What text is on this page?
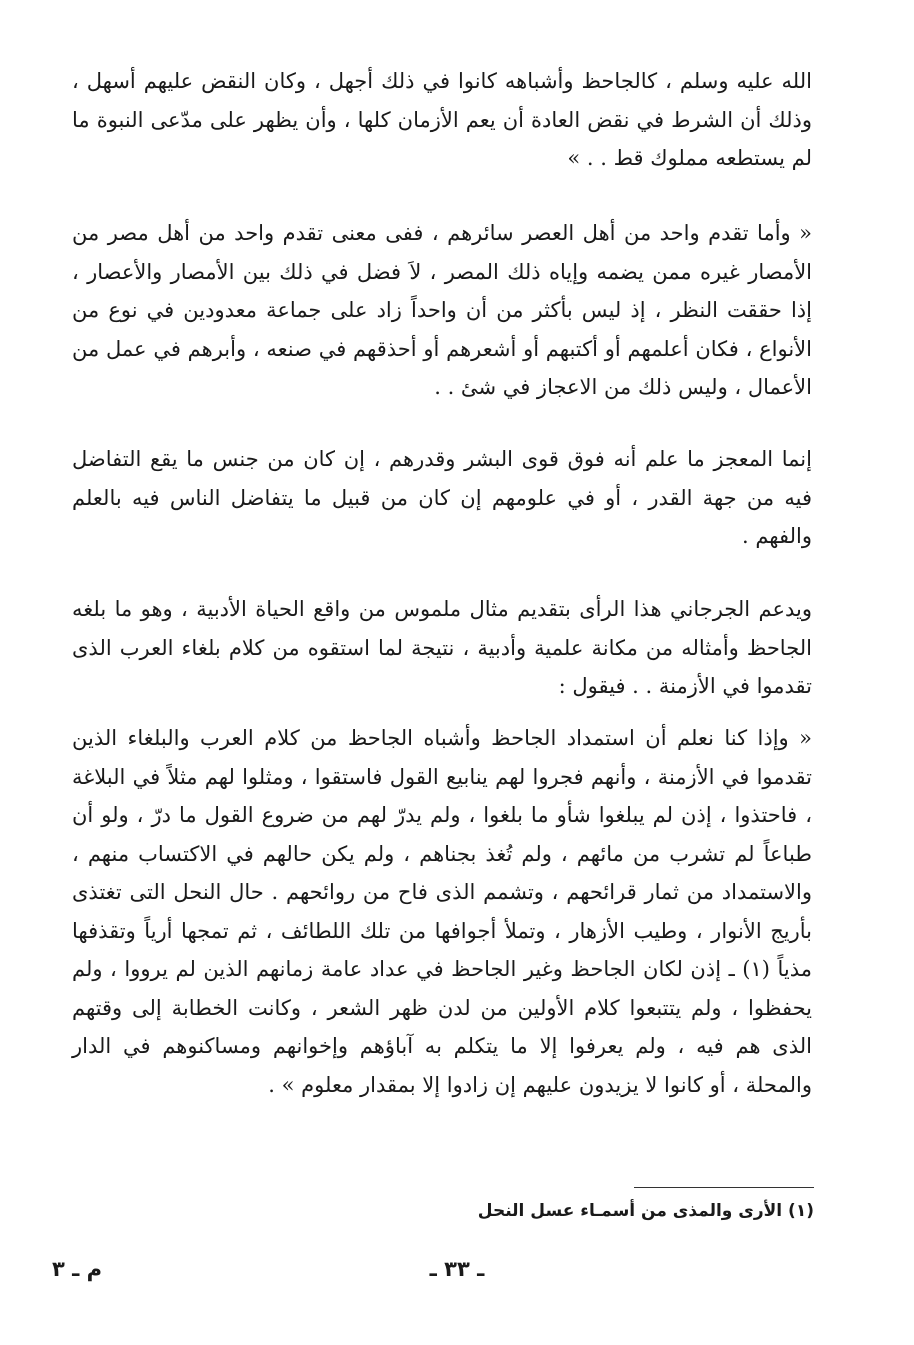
الله عليه وسلم ، كالجاحظ وأشباهه كانوا في ذلك أجهل ، وكان النقض عليهم أسهل ، وذلك أن الشرط في نقض العادة أن يعم الأزمان كلها ، وأن يظهر على مدّعى النبوة ما لم يستطعه مملوك قط . . »

« وأما تقدم واحد من أهل العصر سائرهم ، ففى معنى تقدم واحد من أهل مصر من الأمصار غيره ممن يضمه وإياه ذلك المصر ، لاَ فضل في ذلك بين الأمصار والأعصار ، إذا حققت النظر ، إذ ليس بأكثر من أن واحداً زاد على جماعة معدودين في نوع من الأنواع ، فكان أعلمهم أو أكتبهم أو أشعرهم أو أحذقهم في صنعه ، وأبرهم في عمل من الأعمال ، وليس ذلك من الاعجاز في شئ . .

إنما المعجز ما علم أنه فوق قوى البشر وقدرهم ، إن كان من جنس ما يقع التفاضل فيه من جهة القدر ، أو في علومهم إن كان من قبيل ما يتفاضل الناس فيه بالعلم والفهم .

ويدعم الجرجاني هذا الرأى بتقديم مثال ملموس من واقع الحياة الأدبية ، وهو ما بلغه الجاحظ وأمثاله من مكانة علمية وأدبية ، نتيجة لما استقوه من كلام بلغاء العرب الذى تقدموا في الأزمنة . . فيقول :

« وإذا كنا نعلم أن استمداد الجاحظ وأشباه الجاحظ من كلام العرب والبلغاء الذين تقدموا في الأزمنة ، وأنهم فجروا لهم ينابيع القول فاستقوا ، ومثلوا لهم مثلاً في البلاغة ، فاحتذوا ، إذن لم يبلغوا شأو ما بلغوا ، ولم يدرّ لهم من ضروع القول ما درّ ، ولو أن طباعاً لم تشرب من مائهم ، ولم تُغذ بجناهم ، ولم يكن حالهم في الاكتساب منهم ، والاستمداد من ثمار قرائحهم ، وتشمم الذى فاح من روائحهم . حال النحل التى تغتذى بأريج الأنوار ، وطيب الأزهار ، وتملأ أجوافها من تلك اللطائف ، ثم تمجها أرياً وتقذفها مذياً (١) ـ إذن لكان الجاحظ وغير الجاحظ في عداد عامة زمانهم الذين لم يرووا ، ولم يحفظوا ، ولم يتتبعوا كلام الأولين من لدن ظهر الشعر ، وكانت الخطابة إلى وقتهم الذى هم فيه ، ولم يعرفوا إلا ما يتكلم به آباؤهم وإخوانهم ومساكنوهم في الدار والمحلة ، أو كانوا لا يزيدون عليهم إن زادوا إلا بمقدار معلوم » .

(١) الأرى والمذى من أسمـاء عسل النحل
ـ ٣٣ ـ
م ـ ٣
